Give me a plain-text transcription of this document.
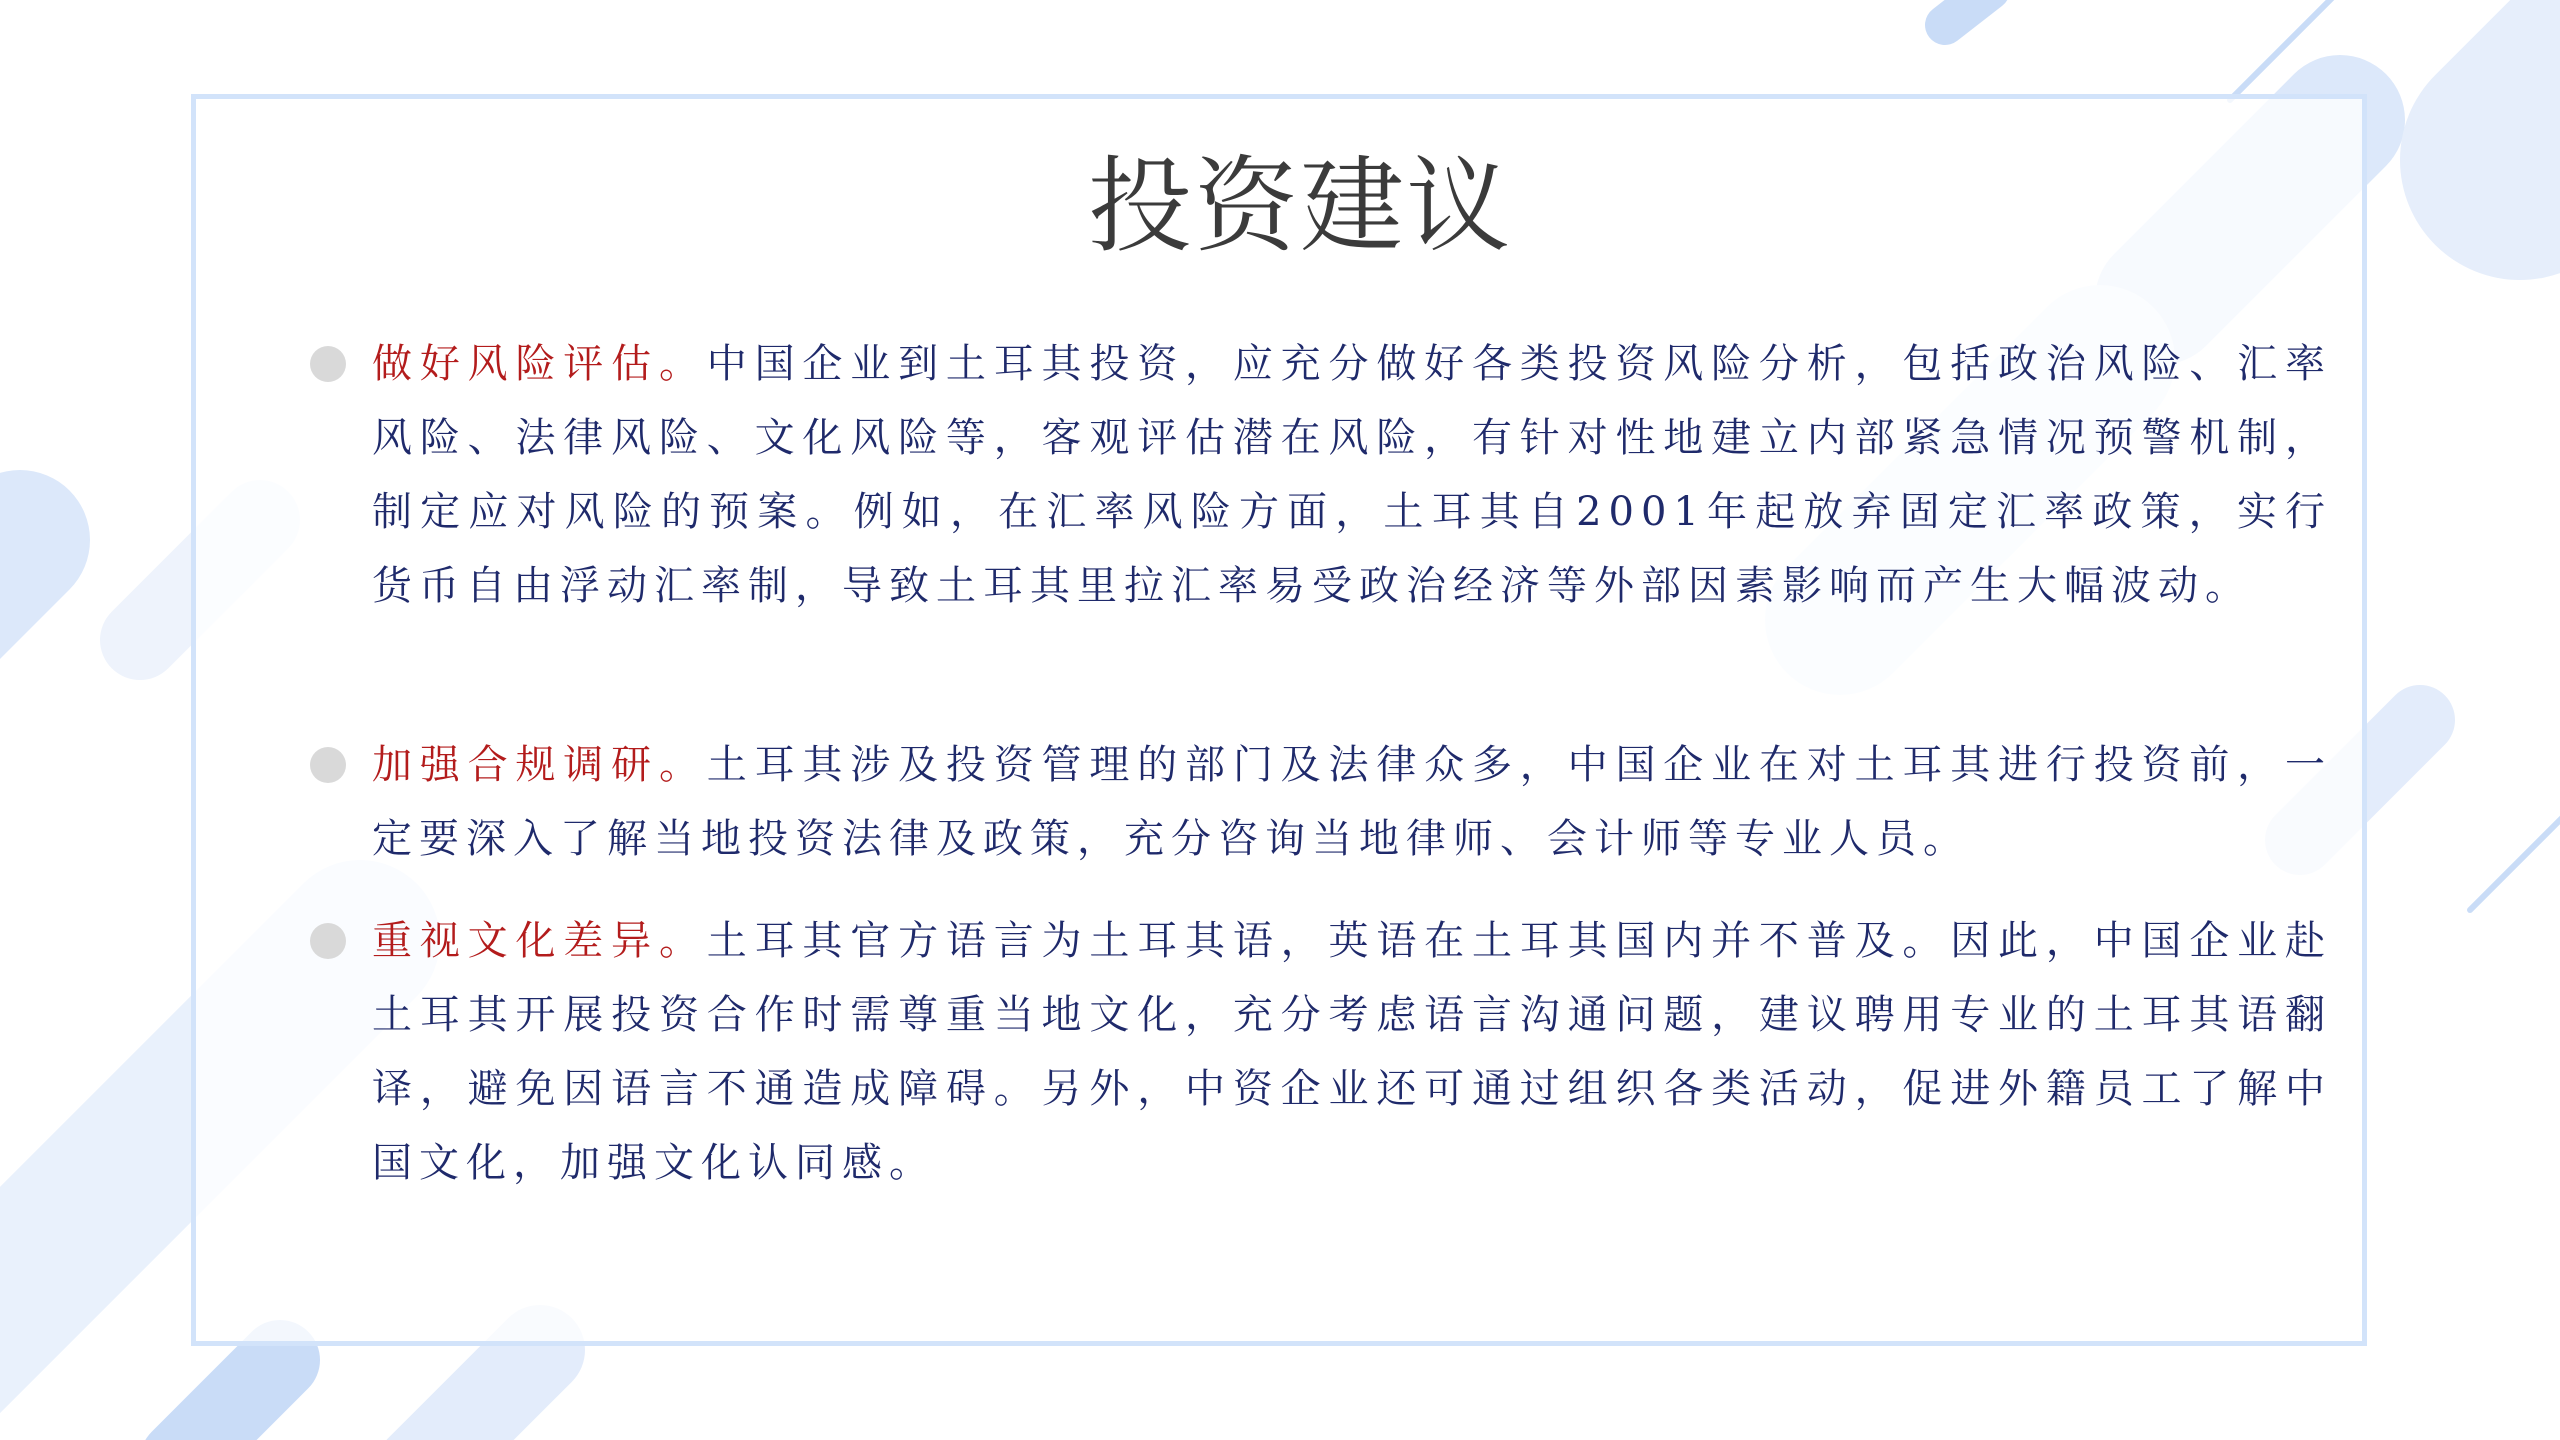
投资建议
做好风险评估。中国企业到土耳其投资，应充分做好各类投资风险分析，包括政治风险、汇率风险、法律风险、文化风险等，客观评估潜在风险，有针对性地建立内部紧急情况预警机制，制定应对风险的预案。例如，在汇率风险方面，土耳其自2001年起放弃固定汇率政策，实行货币自由浮动汇率制，导致土耳其里拉汇率易受政治经济等外部因素影响而产生大幅波动。
加强合规调研。土耳其涉及投资管理的部门及法律众多，中国企业在对土耳其进行投资前，一定要深入了解当地投资法律及政策，充分咨询当地律师、会计师等专业人员。
重视文化差异。土耳其官方语言为土耳其语，英语在土耳其国内并不普及。因此，中国企业赴土耳其开展投资合作时需尊重当地文化，充分考虑语言沟通问题，建议聘用专业的土耳其语翻译，避免因语言不通造成障碍。另外，中资企业还可通过组织各类活动，促进外籍员工了解中国文化，加强文化认同感。
